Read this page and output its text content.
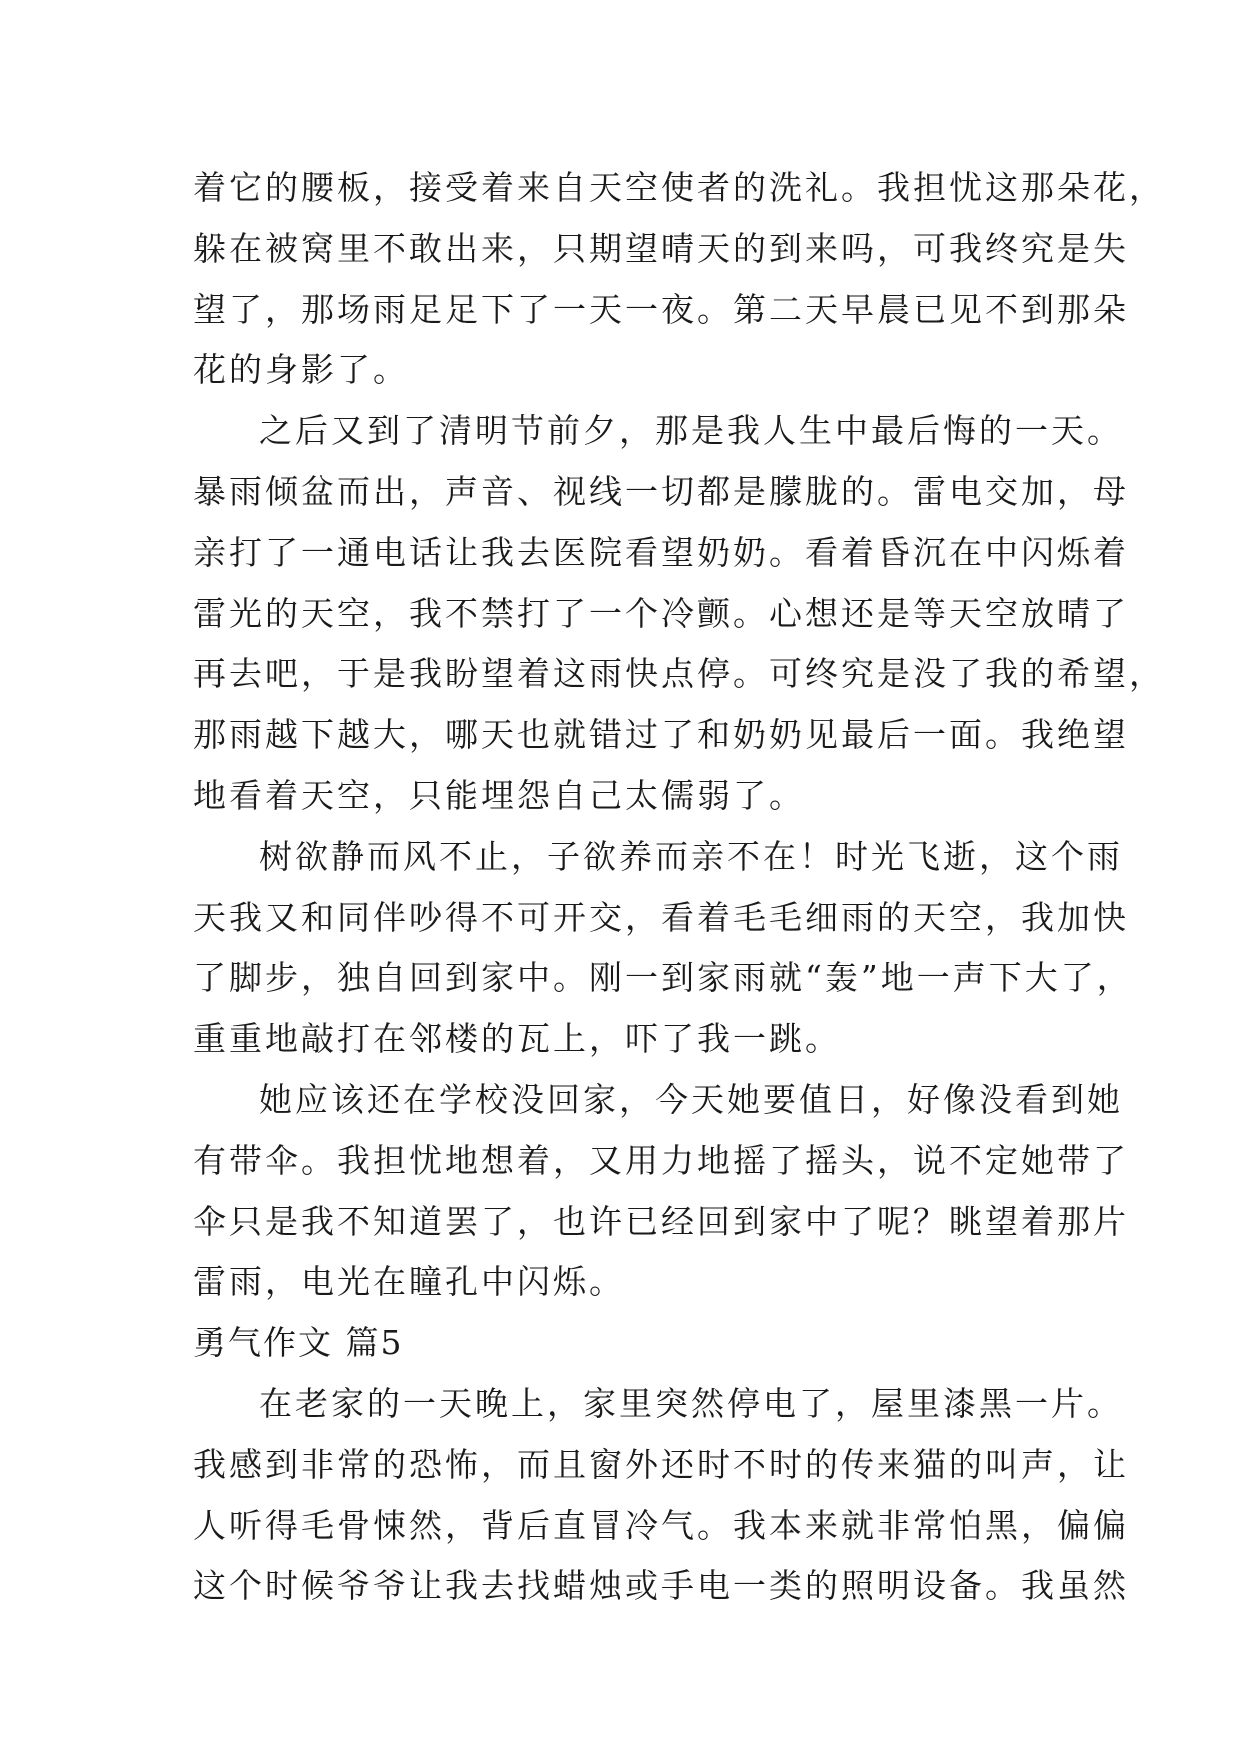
着它的腰板，接受着来自天空使者的洗礼。我担忧这那朵花，
躲在被窝里不敢出来，只期望晴天的到来吗，可我终究是失
望了，那场雨足足下了一天一夜。第二天早晨已见不到那朵
花的身影了。
之后又到了清明节前夕，那是我人生中最后悔的一天。
暴雨倾盆而出，声音、视线一切都是朦胧的。雷电交加，母
亲打了一通电话让我去医院看望奶奶。看着昏沉在中闪烁着
雷光的天空，我不禁打了一个冷颤。心想还是等天空放晴了
再去吧，于是我盼望着这雨快点停。可终究是没了我的希望，
那雨越下越大，哪天也就错过了和奶奶见最后一面。我绝望
地看着天空，只能埋怨自己太儒弱了。
树欲静而风不止，子欲养而亲不在！时光飞逝，这个雨
天我又和同伴吵得不可开交，看着毛毛细雨的天空，我加快
了脚步，独自回到家中。刚一到家雨就“轰”地一声下大了，
重重地敲打在邻楼的瓦上，吓了我一跳。
她应该还在学校没回家，今天她要值日，好像没看到她
有带伞。我担忧地想着，又用力地摇了摇头，说不定她带了
伞只是我不知道罢了，也许已经回到家中了呢？眺望着那片
雷雨，电光在瞳孔中闪烁。
勇气作文 篇5
在老家的一天晚上，家里突然停电了，屋里漆黑一片。
我感到非常的恐怖，而且窗外还时不时的传来猫的叫声，让
人听得毛骨悚然，背后直冒冷气。我本来就非常怕黑，偏偏
这个时候爷爷让我去找蜡烛或手电一类的照明设备。我虽然
